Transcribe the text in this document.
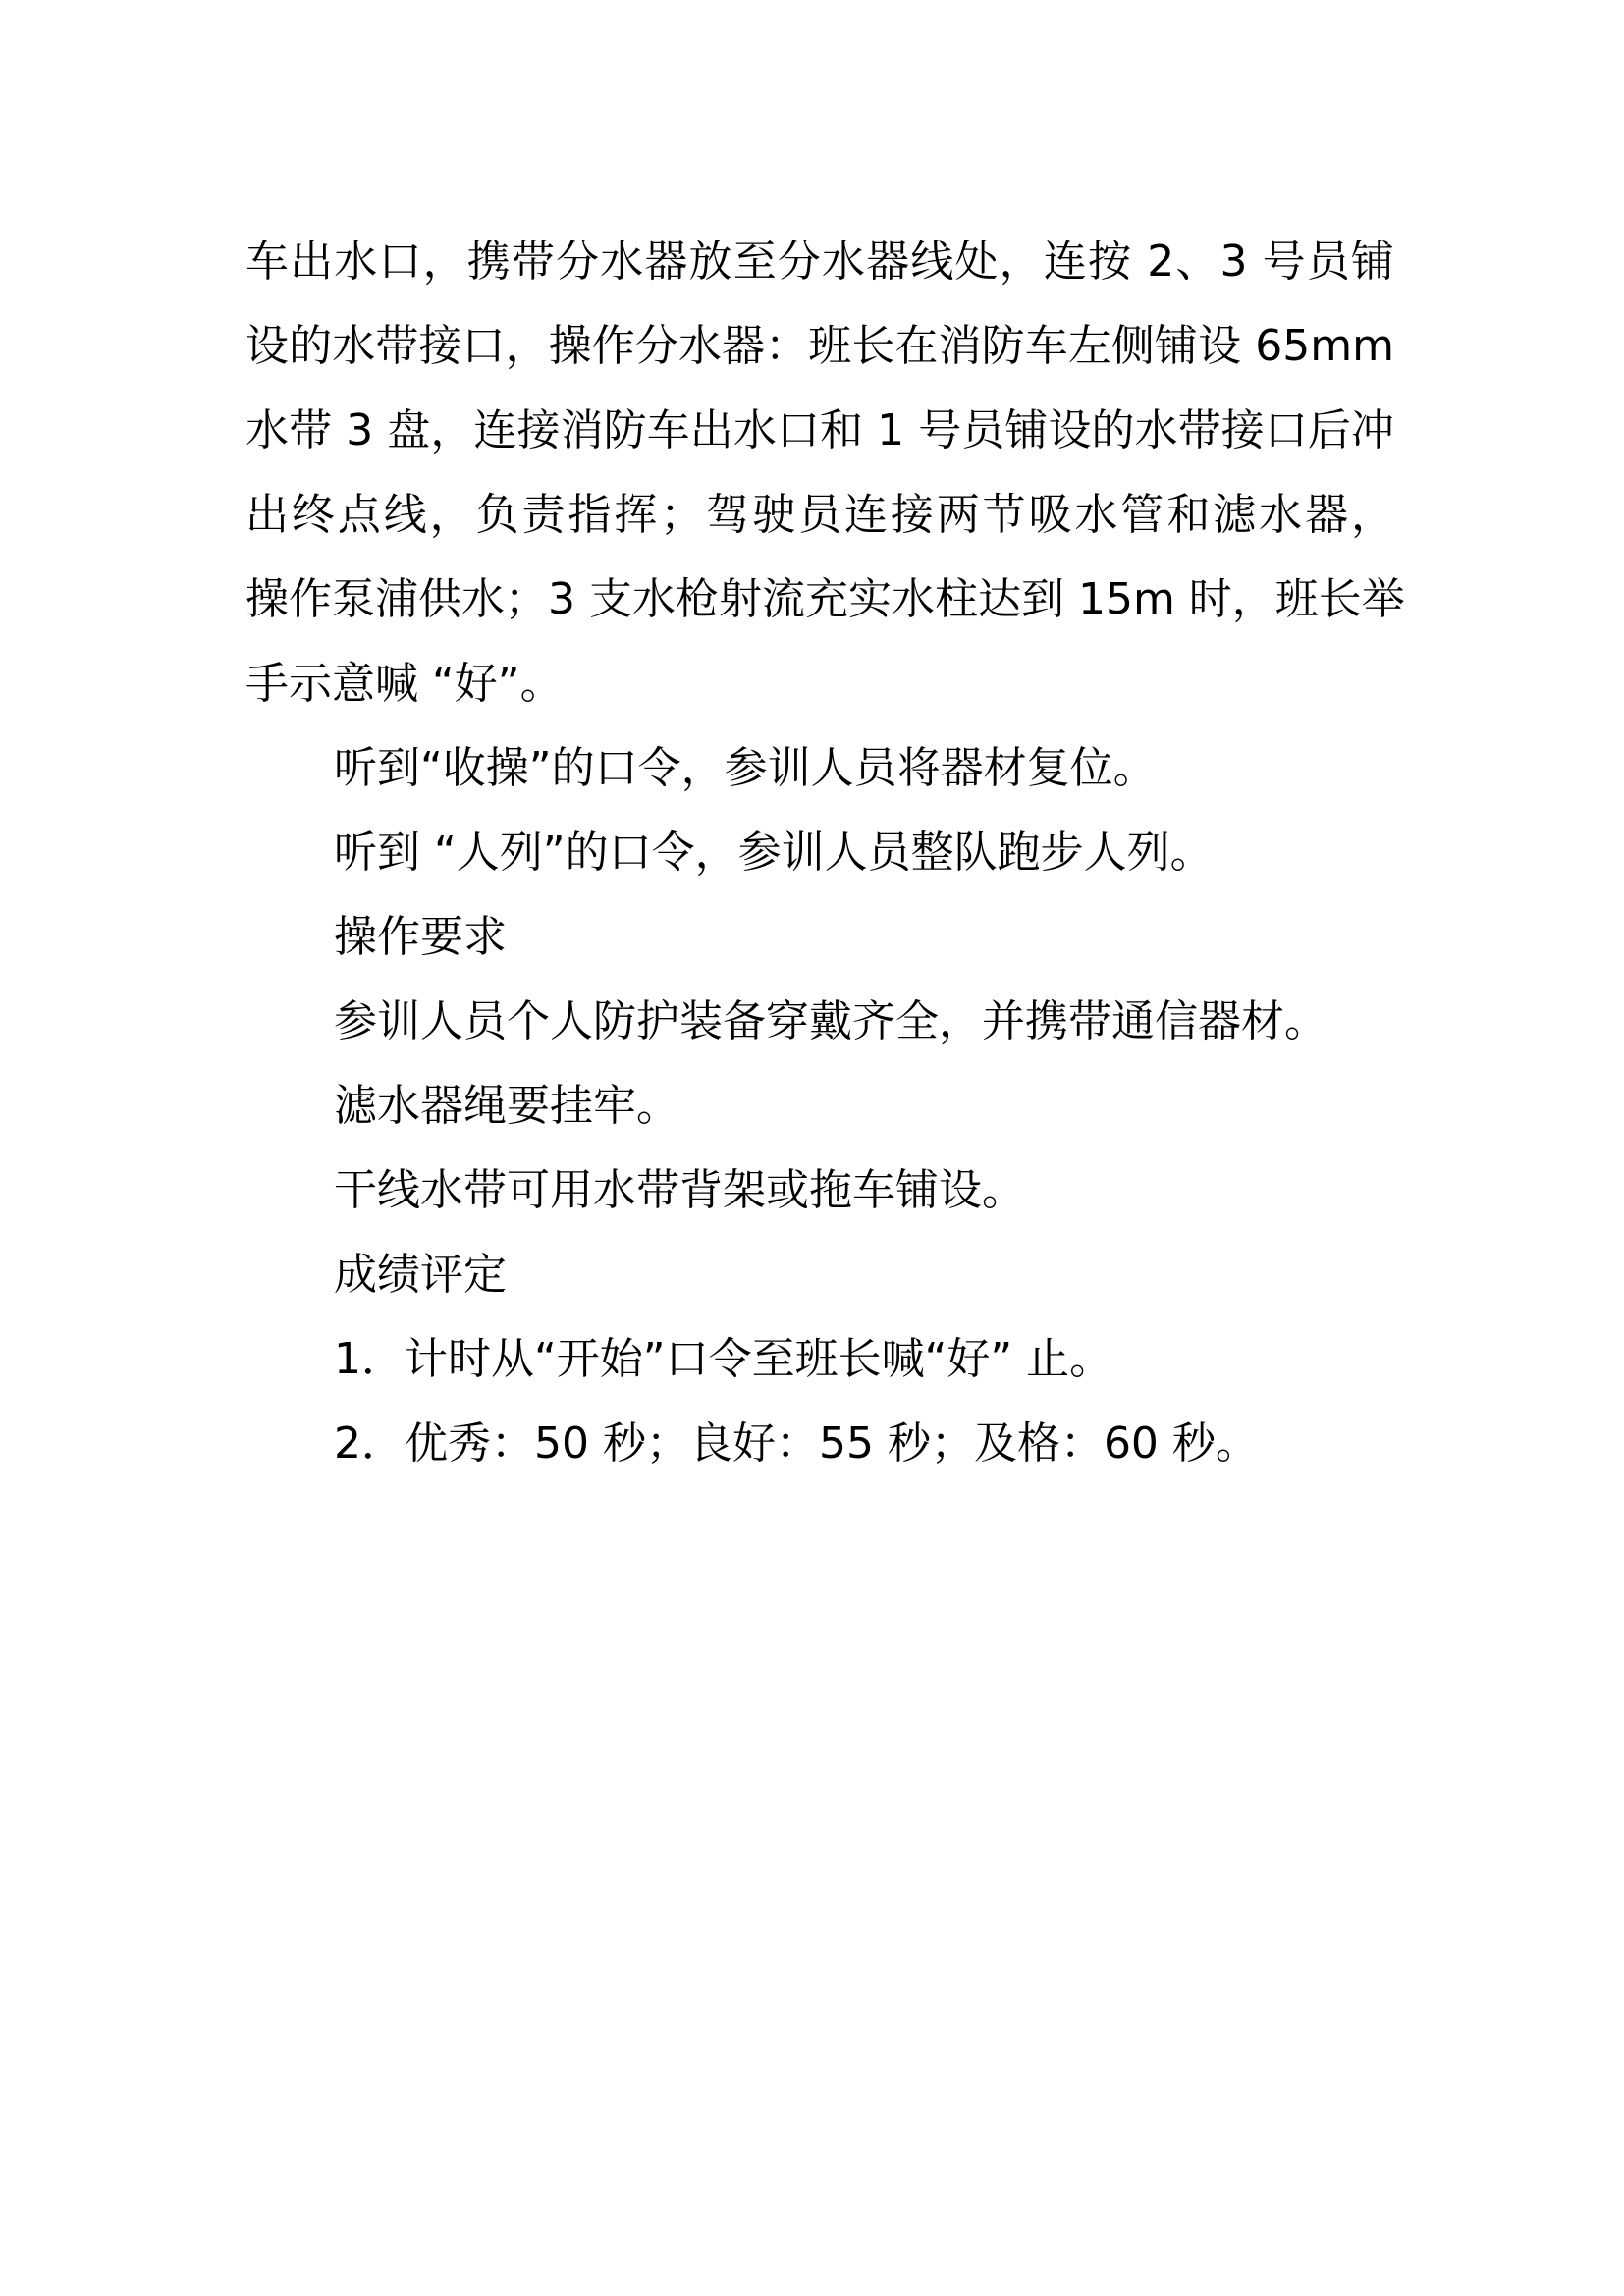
车出水口，携带分水器放至分水器线处，连按 2、3 号员铺
设的水带接口，操作分水器：班长在消防车左侧铺设 65mm
水带 3 盘，连接消防车出水口和 1 号员铺设的水带接口后冲
出终点线，负责指挥；驾驶员连接两节吸水管和滤水器，
操作泵浦供水；3 支水枪射流充实水柱达到 15m 时，班长举
手示意喊 “好”。
听到“收操”的口令，参训人员将器材复位。
听到 “人列”的口令，参训人员整队跑步人列。
操作要求
参训人员个人防护装备穿戴齐全，并携带通信器材。
滤水器绳要挂牢。
干线水带可用水带背架或拖车铺设。
成绩评定
1．计时从“开始”口令至班长喊“好” 止。
2．优秀：50 秒；良好：55 秒；及格：60 秒。
